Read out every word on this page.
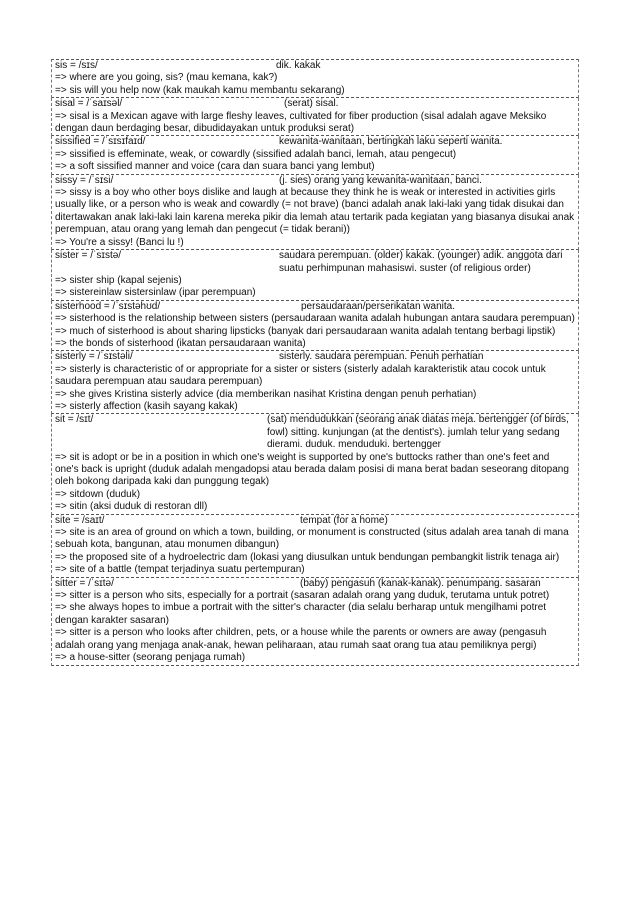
sis = /sɪs/	dik. kakak
=> where are you going, sis? (mau kemana, kak?)
=> sis will you help now (kak maukah kamu membantu sekarang)
sisal = /ˈsaɪsəl/	(serat) sisal.
=> sisal is a Mexican agave with large fleshy leaves, cultivated for fiber production (sisal adalah agave Meksiko dengan daun berdaging besar, dibudidayakan untuk produksi serat)
sissified = /ˈsɪsɪfaɪd/	kewanita-wanitaan, bertingkah laku seperti wanita.
=> sissified is effeminate, weak, or cowardly (sissified adalah banci, lemah, atau pengecut)
=> a soft sissified manner and voice (cara dan suara banci yang lembut)
sissy = /ˈsɪsi/	(j. sies) orang yang kewanita-wanitaan, banci.
=> sissy is a boy who other boys dislike and laugh at because they think he is weak or interested in activities girls usually like, or a person who is weak and cowardly (= not brave) (banci adalah anak laki-laki yang tidak disukai dan ditertawakan anak laki-laki lain karena mereka pikir dia lemah atau tertarik pada kegiatan yang biasanya disukai anak perempuan, atau orang yang lemah dan pengecut (= tidak berani))
=> You're a sissy! (Banci lu !)
sister = /ˈsɪstə/	saudara perempuan. (older) kakak. (younger) adik. anggota dari suatu perhimpunan mahasiswi. suster (of religious order)
=> sister ship (kapal sejenis)
=> sistereinlaw sistersinlaw (ipar perempuan)
sisterhood = /ˈsɪstəhʊd/	persaudaraan/perserikatan wanita.
=> sisterhood is the relationship between sisters (persaudaraan wanita adalah hubungan antara saudara perempuan)
=> much of sisterhood is about sharing lipsticks (banyak dari persaudaraan wanita adalah tentang berbagi lipstik)
=> the bonds of sisterhood (ikatan persaudaraan wanita)
sisterly = /ˈsɪstəli/	sisterly. saudara perempuan. Penuh perhatian
=> sisterly is characteristic of or appropriate for a sister or sisters (sisterly adalah karakteristik atau cocok untuk saudara perempuan atau saudara perempuan)
=> she gives Kristina sisterly advice (dia memberikan nasihat Kristina dengan penuh perhatian)
=> sisterly affection (kasih sayang kakak)
sit = /sɪt/	(sat) mendudukkan (seorang anak diatas meja. bertengger (of birds, fowl) sitting. kunjungan (at the dentist's). jumlah telur yang sedang dierami. duduk. menduduki. bertengger
=> sit is adopt or be in a position in which one's weight is supported by one's buttocks rather than one's feet and one's back is upright (duduk adalah mengadopsi atau berada dalam posisi di mana berat badan seseorang ditopang oleh bokong daripada kaki dan punggung tegak)
=> sitdown (duduk)
=> sitin (aksi duduk di restoran dll)
site = /saɪt/	tempat (for a home)
=> site is an area of ground on which a town, building, or monument is constructed (situs adalah area tanah di mana sebuah kota, bangunan, atau monumen dibangun)
=> the proposed site of a hydroelectric dam (lokasi yang diusulkan untuk bendungan pembangkit listrik tenaga air)
=> site of a battle (tempat terjadinya suatu pertempuran)
sitter = /ˈsɪtə/	(baby) pengasuh (kanak-kanak). penumpang. sasaran
=> sitter is a person who sits, especially for a portrait (sasaran adalah orang yang duduk, terutama untuk potret)
=> she always hopes to imbue a portrait with the sitter's character (dia selalu berharap untuk mengilhami potret dengan karakter sasaran)
=> sitter is a person who looks after children, pets, or a house while the parents or owners are away (pengasuh adalah orang yang menjaga anak-anak, hewan peliharaan, atau rumah saat orang tua atau pemiliknya pergi)
=> a house-sitter (seorang penjaga rumah)
